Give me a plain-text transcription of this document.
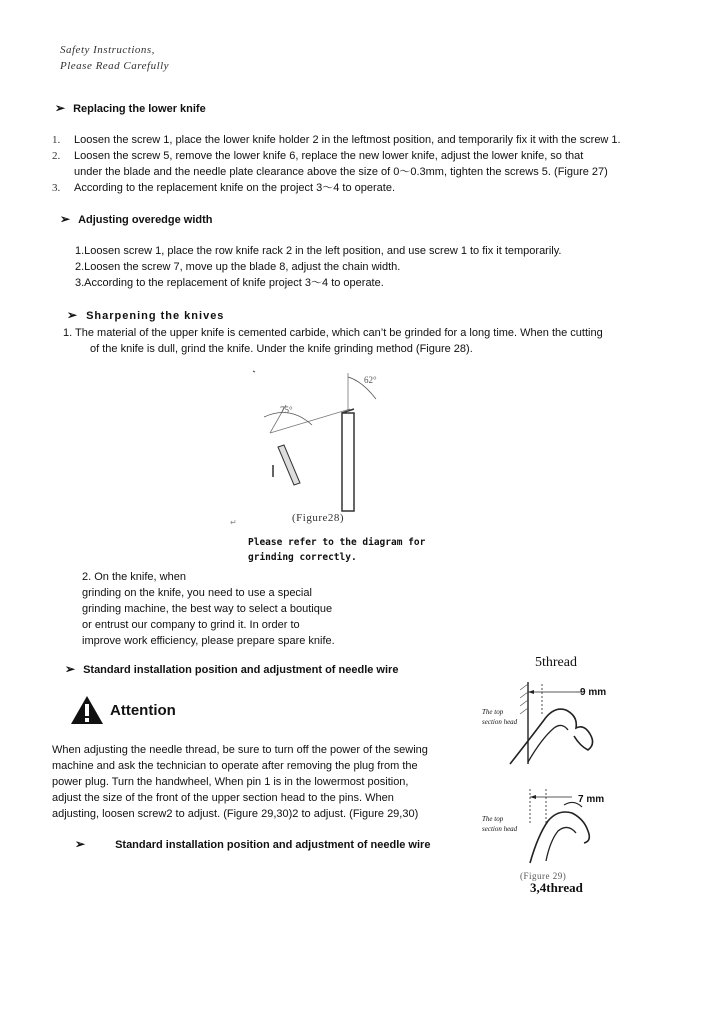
Safety Instructions,
Please Read Carefully
➢ Replacing the lower knife
1. Loosen the screw 1, place the lower knife holder 2 in the leftmost position, and temporarily fix it with the screw 1.
2. Loosen the screw 5, remove the lower knife 6, replace the new lower knife, adjust the lower knife, so that
under the blade and the needle plate clearance above the size of 0～0.3mm, tighten the screws 5. (Figure 27)
3. According to the replacement knife on the project 3～4 to operate.
➢ Adjusting overedge width
1.Loosen screw 1, place the row knife rack 2 in the left position, and use screw 1 to fix it temporarily.
2.Loosen the screw 7, move up the blade 8, adjust the chain width.
3.According to the replacement of knife project 3～4 to operate.
➢ Sharpening the knives
1. The material of the upper knife is cemented carbide, which can’t be grinded for a long time. When the cutting
of the knife is dull, grind the knife. Under the knife grinding method (Figure 28).
62°
75°
↵	(Figure28)
Please refer to the diagram for
grinding correctly.
2. On the knife, when
grinding on the knife, you need to use a special
grinding machine, the best way to select a boutique
or entrust our company to grind it. In order to
improve work efficiency, please prepare spare knife.
➢ Standard installation position and adjustment of needle wire
Attention
When adjusting the needle thread, be sure to turn off the power of the sewing
machine and ask the technician to operate after removing the plug from the
power plug. Turn the handwheel, When pin 1 is in the lowermost position,
adjust the size of the front of the upper section head to the pins. When
adjusting, loosen screw2 to adjust. (Figure 29,30)2 to adjust. (Figure 29,30)
➢	Standard installation position and adjustment of needle wire
5thread
9 mm
The top
section head
7 mm
The top
section head
(Figure 29)
3,4thread
